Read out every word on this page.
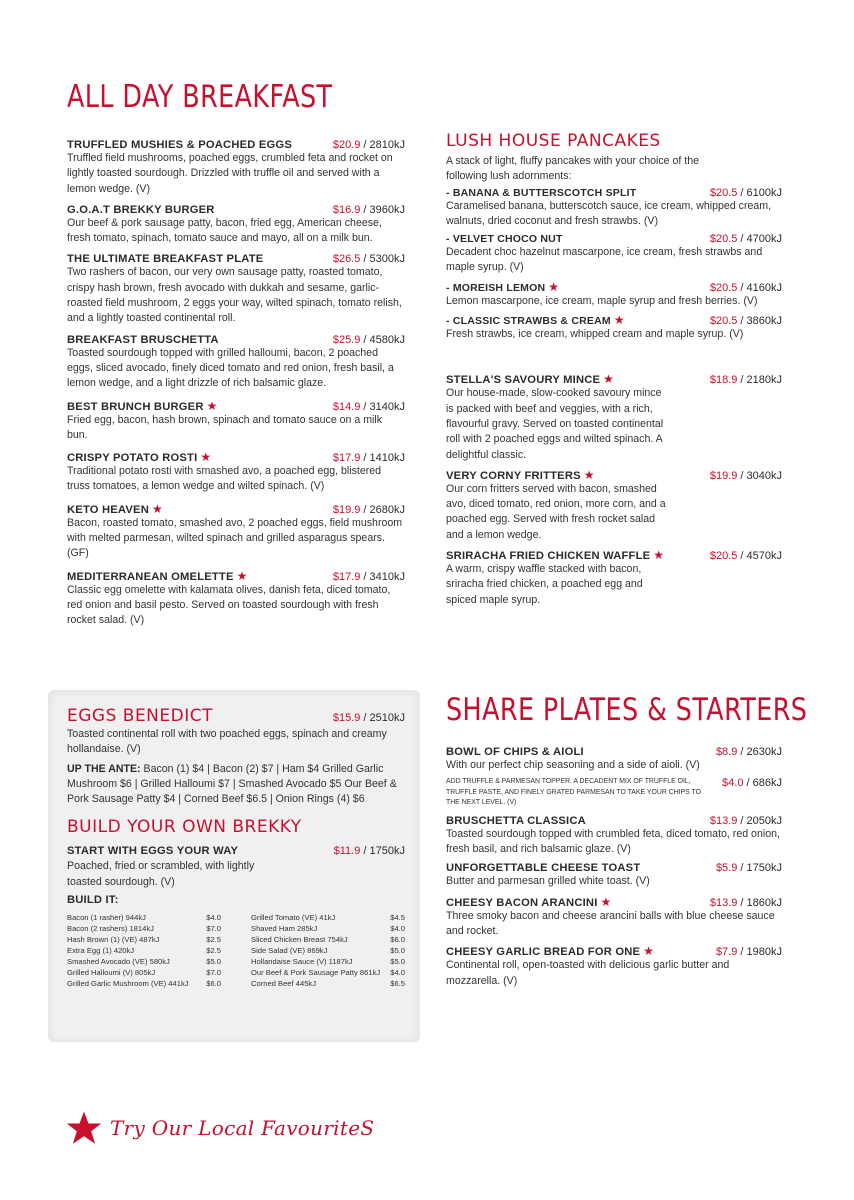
ALL DAY BREAKFAST
TRUFFLED MUSHIES & POACHED EGGS	$20.9 / 2810kJ

Truffled field mushrooms, poached eggs, crumbled feta and rocket on lightly toasted sourdough. Drizzled with truffle oil and served with a lemon wedge. (V)

G.O.A.T BREKKY BURGER	$16.9 / 3960kJ

Our beef & pork sausage patty, bacon, fried egg, American cheese, fresh tomato, spinach, tomato sauce and mayo, all on a milk bun.

THE ULTIMATE BREAKFAST PLATE	$26.5 / 5300kJ

Two rashers of bacon, our very own sausage patty, roasted tomato, crispy hash brown, fresh avocado with dukkah and sesame, garlic-roasted field mushroom, 2 eggs your way, wilted spinach, tomato relish, and a lightly toasted continental roll.

BREAKFAST BRUSCHETTA	$25.9 / 4580kJ

Toasted sourdough topped with grilled halloumi, bacon, 2 poached eggs, sliced avocado, finely diced tomato and red onion, fresh basil, a lemon wedge, and a light drizzle of rich balsamic glaze.

BEST BRUNCH BURGER ★	$14.9 / 3140kJ

Fried egg, bacon, hash brown, spinach and tomato sauce on a milk bun.

CRISPY POTATO ROSTI ★	$17.9 / 1410kJ

Traditional potato rosti with smashed avo, a poached egg, blistered truss tomatoes, a lemon wedge and wilted spinach. (V)

KETO HEAVEN ★	$19.9 / 2680kJ

Bacon, roasted tomato, smashed avo, 2 poached eggs, field mushroom with melted parmesan, wilted spinach and grilled asparagus spears. (GF)

MEDITERRANEAN OMELETTE ★	$17.9 / 3410kJ

Classic egg omelette with kalamata olives, danish feta, diced tomato, red onion and basil pesto. Served on toasted sourdough with fresh rocket salad. (V)

EGGS BENEDICT	$15.9 / 2510kJ

Toasted continental roll with two poached eggs, spinach and creamy hollandaise. (V)

UP THE ANTE: Bacon (1) $4 | Bacon (2) $7 | Ham $4 Grilled Garlic Mushroom $6 | Grilled Halloumi $7 | Smashed Avocado $5 Our Beef & Pork Sausage Patty $4 | Corned Beef $6.5 | Onion Rings (4) $6

BUILD YOUR OWN BREKKY
START WITH EGGS YOUR WAY	$11.9 / 1750kJ

Poached, fried or scrambled, with lightly toasted sourdough. (V)

BUILD IT:
Bacon (1 rasher) 944kJ	$4.0
Bacon (2 rashers) 1814kJ	$7.0
Hash Brown (1) (VE) 487kJ	$2.5
Extra Egg (1) 420kJ	$2.5
Smashed Avocado (VE) 580kJ	$5.0
Grilled Halloumi (V) 805kJ	$7.0
Grilled Garlic Mushroom (VE) 441kJ $6.0
Grilled Tomato (VE) 41kJ	$4.5
Shaved Ham 285kJ	$4.0
Sliced Chicken Breast 754kJ	$6.0
Side Salad (VE) 869kJ	$5.0
Hollandaise Sauce (V) 1187kJ	$5.0
Our Beef & Pork Sausage Patty 861kJ $4.0
Corned Beef 445kJ	$6.5
LUSH HOUSE PANCAKES

A stack of light, fluffy pancakes with your choice of the following lush adornments:

- BANANA & BUTTERSCOTCH SPLIT	$20.5 / 6100kJ

Caramelised banana, butterscotch sauce, ice cream, whipped cream, walnuts, dried coconut and fresh strawbs. (V)

- VELVET CHOCO NUT	$20.5 / 4700kJ

Decadent choc hazelnut mascarpone, ice cream, fresh strawbs and maple syrup. (V)

- MOREISH LEMON ★	$20.5 / 4160kJ

Lemon mascarpone, ice cream, maple syrup and fresh berries. (V)

- CLASSIC STRAWBS & CREAM ★	$20.5 / 3860kJ

Fresh strawbs, ice cream, whipped cream and maple syrup. (V)

STELLA'S SAVOURY MINCE ★	$18.9 / 2180kJ

Our house-made, slow-cooked savoury mince is packed with beef and veggies, with a rich, flavourful gravy. Served on toasted continental roll with 2 poached eggs and wilted spinach. A delightful classic.

VERY CORNY FRITTERS ★	$19.9 / 3040kJ

Our corn fritters served with bacon, smashed avo, diced tomato, red onion, more corn, and a poached egg. Served with fresh rocket salad and a lemon wedge.

SRIRACHA FRIED CHICKEN WAFFLE ★	$20.5 / 4570kJ

A warm, crispy waffle stacked with bacon, sriracha fried chicken, a poached egg and spiced maple syrup.

SHARE PLATES & STARTERS
BOWL OF CHIPS & AIOLI	$8.9 / 2630kJ

With our perfect chip seasoning and a side of aioli. (V)

ADD TRUFFLE & PARMESAN TOPPER. A DECADENT MIX OF TRUFFLE OIL, TRUFFLE PASTE, AND FINELY GRATED PARMESAN TO TAKE YOUR CHIPS TO THE NEXT LEVEL. (V)

$4.0 / 686kJ
BRUSCHETTA CLASSICA	$13.9 / 2050kJ

Toasted sourdough topped with crumbled feta, diced tomato, red onion, fresh basil, and rich balsamic glaze. (V)

UNFORGETTABLE CHEESE TOAST	$5.9 / 1750kJ

Butter and parmesan grilled white toast. (V)

CHEESY BACON ARANCINI ★	$13.9 / 1860kJ

Three smoky bacon and cheese arancini balls with blue cheese sauce and rocket.

CHEESY GARLIC BREAD FOR ONE ★	$7.9 / 1980kJ

Continental roll, open-toasted with delicious garlic butter and mozzarella. (V)

Try Our Local FavouriteS
